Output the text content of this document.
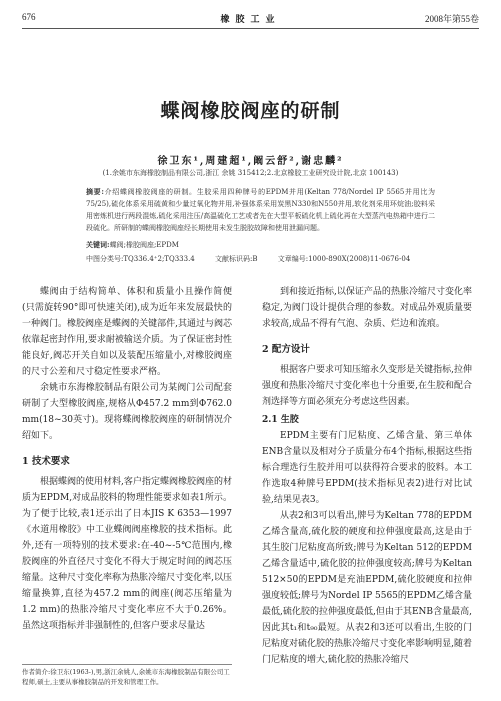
676	橡胶工业	2008年第55卷
蝶阀橡胶阀座的研制
徐卫东¹,周建超¹,阚云舒²,谢忠麟²
(1.余姚市东海橡胶制品有限公司,浙江 余姚 315412;2.北京橡胶工业研究设计院,北京 100143)
摘要:介绍蝶阀橡胶阀座的研制。生胶采用四种牌号的EPDM并用(Keltan 778/Nordel IP 5565并用比为75/25),硫化体系采用硫黄和少量过氧化物并用,补强体系采用炭黑N330和N550并用,软化剂采用环烷油;胶料采用密炼机进行两段混炼,硫化采用注压/高温硫化工艺或者先在大型平板硫化机上硫化再在大型蒸汽电热箱中进行二段硫化。所研制的蝶阀橡胶阀座经长期使用未发生脱胶故障和使用泄漏问题。
关键词:蝶阀;橡胶阀座;EPDM
中图分类号:TQ336.4⁺2;TQ333.4	文献标识码:B	文章编号:1000-890X(2008)11-0676-04

蝶阀由于结构简单、体积和质量小且操作简便(只需旋转90°即可快速关闭),成为近年来发展最快的一种阀门。橡胶阀座是蝶阀的关键部件,其通过与阀芯依靠起密封作用,要求耐被输送介质。为了保证密封性能良好,阀芯开关自如以及装配压缩量小,对橡胶阀座的尺寸公差和尺寸稳定性要求严格。

余姚市东海橡胶制品有限公司为某阀门公司配套研制了大型橡胶阀座,规格从Φ457.2 mm到Φ762.0 mm(18~30英寸)。现将蝶阀橡胶阀座的研制情况介绍如下。

1 技术要求

根据蝶阀的使用材料,客户指定蝶阀橡胶阀座的材质为EPDM,对成品胶料的物理性能要求如表1所示。为了便于比较,表1还示出了日本JIS K 6353—1997《水道用橡胶》中工业蝶阀阀座橡胶的技术指标。此外,还有一项特别的技术要求:在-40~-5℃范围内,橡胶阀座的外直径尺寸变化不得大于规定时间的阀芯压缩量。这种尺寸变化率称为热胀冷缩尺寸变化率,以压缩量换算,直径为457.2 mm的阀座(阀芯压缩量为1.2 mm)的热胀冷缩尺寸变化率应不大于0.26%。虽然这项指标并非强制性的,但客户要求尽量达

到和接近指标,以保证产品的热胀冷缩尺寸变化率稳定,为阀门设计提供合理的参数。对成品外观质量要求较高,成品不得有气泡、杂质、烂边和流痕。

2 配方设计

根据客户要求可知压缩永久变形是关键指标,拉伸强度和热胀冷缩尺寸变化率也十分重要,在生胶和配合剂选择等方面必须充分考虑这些因素。

2.1 生胶

EPDM主要有门尼粘度、乙烯含量、第三单体ENB含量以及相对分子质量分布4个指标,根据这些指标合理选行生胶并用可以获得符合要求的胶料。本工作选取4种牌号EPDM(技术指标见表2)进行对比试验,结果见表3。

从表2和3可以看出,牌号为Keltan 778的EPDM乙烯含量高,硫化胶的硬度和拉伸强度最高,这是由于其生胶门尼粘度高所致;牌号为Keltan 512的EPDM乙烯含量适中,硫化胶的拉伸强度较高;牌号为Keltan 512×50的EPDM是充油EPDM,硫化胶硬度和拉伸强度较低;牌号为Nordel IP 5565的EPDM乙烯含量最低,硫化胶的拉伸强度最低,但由于其ENB含量最高,因此其t₁和t₉₀最短。从表2和3还可以看出,生胶的门尼粘度对硫化胶的热胀冷缩尺寸变化率影响明显,随着门尼粘度的增大,硫化胶的热胀冷缩尺

作者简介:徐卫东(1963-),男,浙江余姚人,余姚市东海橡胶制品有限公司工程师,硕士,主要从事橡胶制品的开发和管理工作。
